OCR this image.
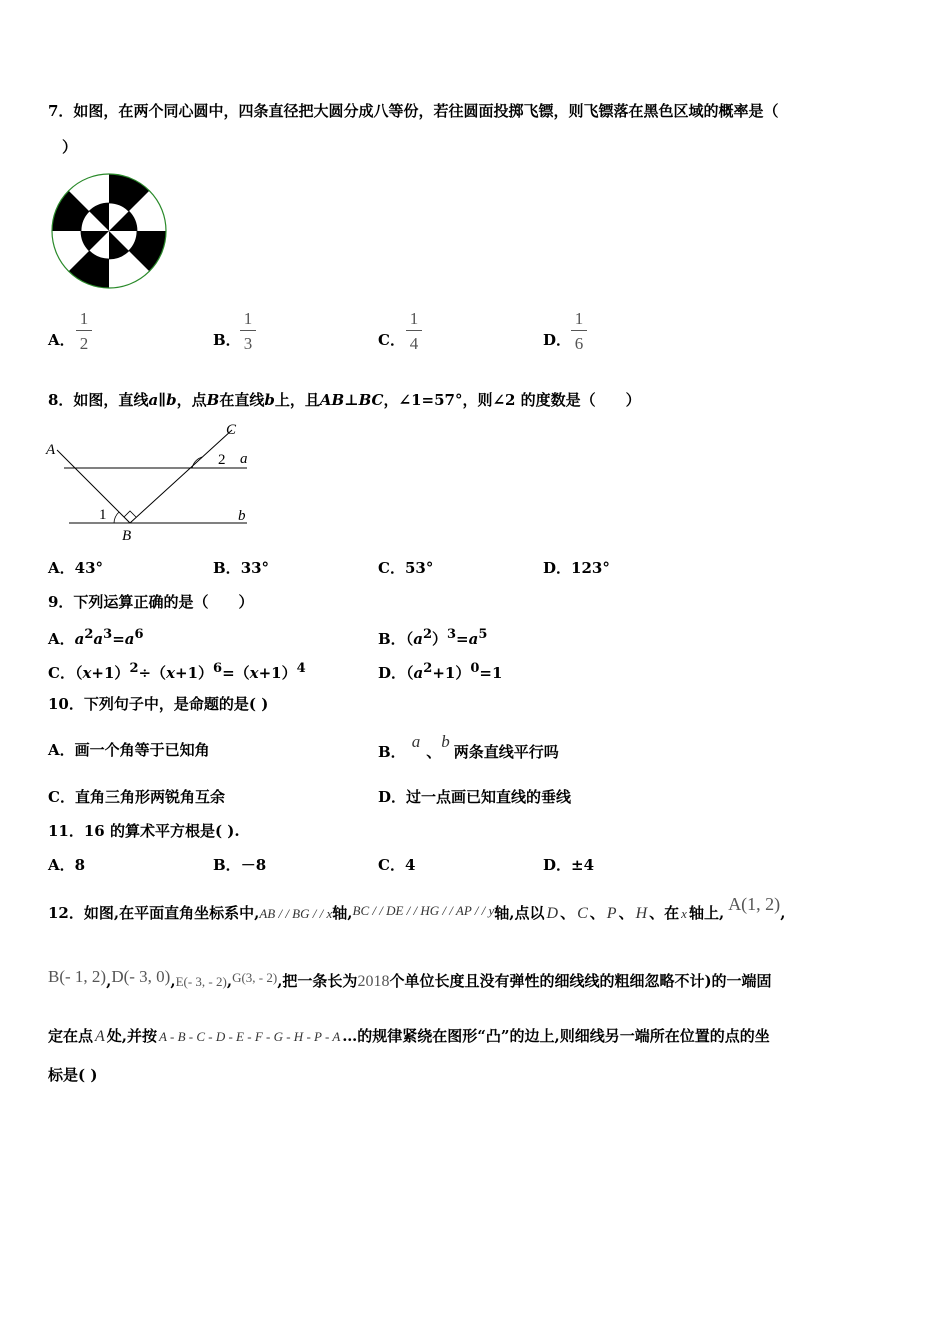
7．如图，在两个同心圆中，四条直径把大圆分成八等份，若往圆面投掷飞镖，则飞镖落在黑色区域的概率是（
）
A．
1
2	B．
1
3	C．
1
4	D．
1
6
8．如图，直线a∥b，点B在直线b上，且AB⊥BC，∠1=57°，则∠2 的度数是（　　）
A
C
a
b
B
1
2
A．43°	B．33°	C．53°	D．123°
9．下列运算正确的是（　　）
A．$a^2a^3=a^6$	B．$(a^2)^3=a^5$
C．$(x+1)^2\div(x+1)^6=(x+1)^4$	D．$(a^2+1)^0=1$
10．下列句子中，是命题的是( )
A．画一个角等于已知角	B．a、b两条直线平行吗
C．直角三角形两锐角互余	D．过一点画已知直线的垂线
11．16 的算术平方根是( ).
A．8	B．－8	C．4	D．±4
12．如图,在平面直角坐标系中,AB / / BG / / x轴,BC / / DE / / HG / / AP / / y轴,点以 D 、 C 、 P 、 H 、在 x 轴上, A(1, 2),
B(- 1, 2),D(- 3, 0),E(- 3, - 2),G(3, - 2),把一条长为2018个单位长度且没有弹性的细线线的粗细忽略不计)的一端固
定在点 A 处,并按 A - B - C - D - E - F - G - H - P - A …的规律紧绕在图形“凸”的边上,则细线另一端所在位置的点的坐
标是( )
